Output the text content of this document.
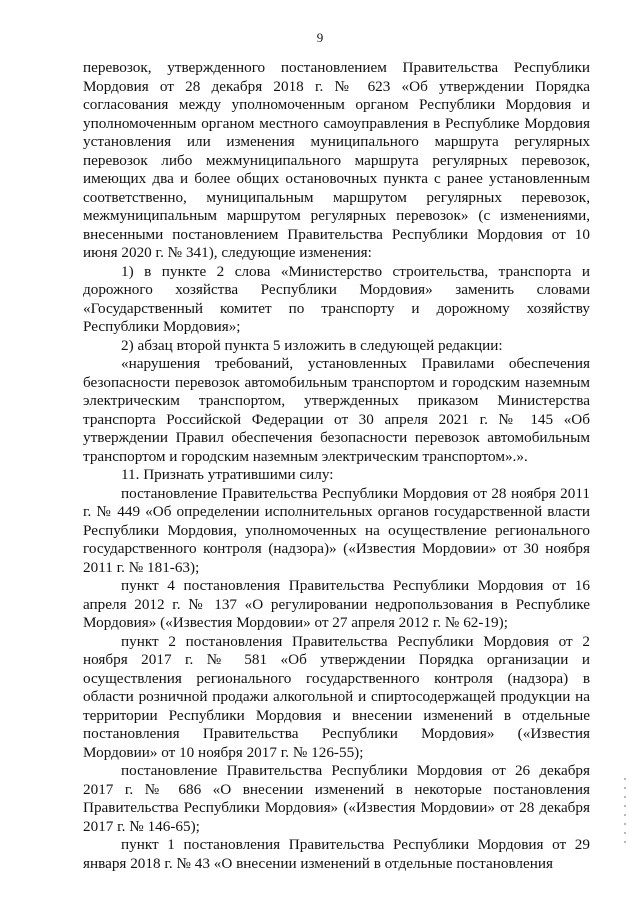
9

перевозок, утвержденного постановлением Правительства Республики Мордовия от 28 декабря 2018 г. № 623 «Об утверждении Порядка согласования между уполномоченным органом Республики Мордовия и уполномоченным органом местного самоуправления в Республике Мордовия установления или изменения муниципального маршрута регулярных перевозок либо межмуниципального маршрута регулярных перевозок, имеющих два и более общих остановочных пункта с ранее установленным соответственно, муниципальным маршрутом регулярных перевозок, межмуниципальным маршрутом регулярных перевозок» (с изменениями, внесенными постановлением Правительства Республики Мордовия от 10 июня 2020 г. № 341), следующие изменения:

1) в пункте 2 слова «Министерство строительства, транспорта и дорожного хозяйства Республики Мордовия» заменить словами «Государственный комитет по транспорту и дорожному хозяйству Республики Мордовия»;

2) абзац второй пункта 5 изложить в следующей редакции:

«нарушения требований, установленных Правилами обеспечения безопасности перевозок автомобильным транспортом и городским наземным электрическим транспортом, утвержденных приказом Министерства транспорта Российской Федерации от 30 апреля 2021 г. № 145 «Об утверждении Правил обеспечения безопасности перевозок автомобильным транспортом и городским наземным электрическим транспортом».».

11. Признать утратившими силу:

постановление Правительства Республики Мордовия от 28 ноября 2011 г. № 449 «Об определении исполнительных органов государственной власти Республики Мордовия, уполномоченных на осуществление регионального государственного контроля (надзора)» («Известия Мордовии» от 30 ноября 2011 г. № 181-63);

пункт 4 постановления Правительства Республики Мордовия от 16 апреля 2012 г. № 137 «О регулировании недропользования в Республике Мордовия» («Известия Мордовии» от 27 апреля 2012 г. № 62-19);

пункт 2 постановления Правительства Республики Мордовия от 2 ноября 2017 г. № 581 «Об утверждении Порядка организации и осуществления регионального государственного контроля (надзора) в области розничной продажи алкогольной и спиртосодержащей продукции на территории Республики Мордовия и внесении изменений в отдельные постановления Правительства Республики Мордовия» («Известия Мордовии» от 10 ноября 2017 г. № 126-55);

постановление Правительства Республики Мордовия от 26 декабря 2017 г. № 686 «О внесении изменений в некоторые постановления Правительства Республики Мордовия» («Известия Мордовии» от 28 декабря 2017 г. № 146-65);

пункт 1 постановления Правительства Республики Мордовия от 29 января 2018 г. № 43 «О внесении изменений в отдельные постановления
